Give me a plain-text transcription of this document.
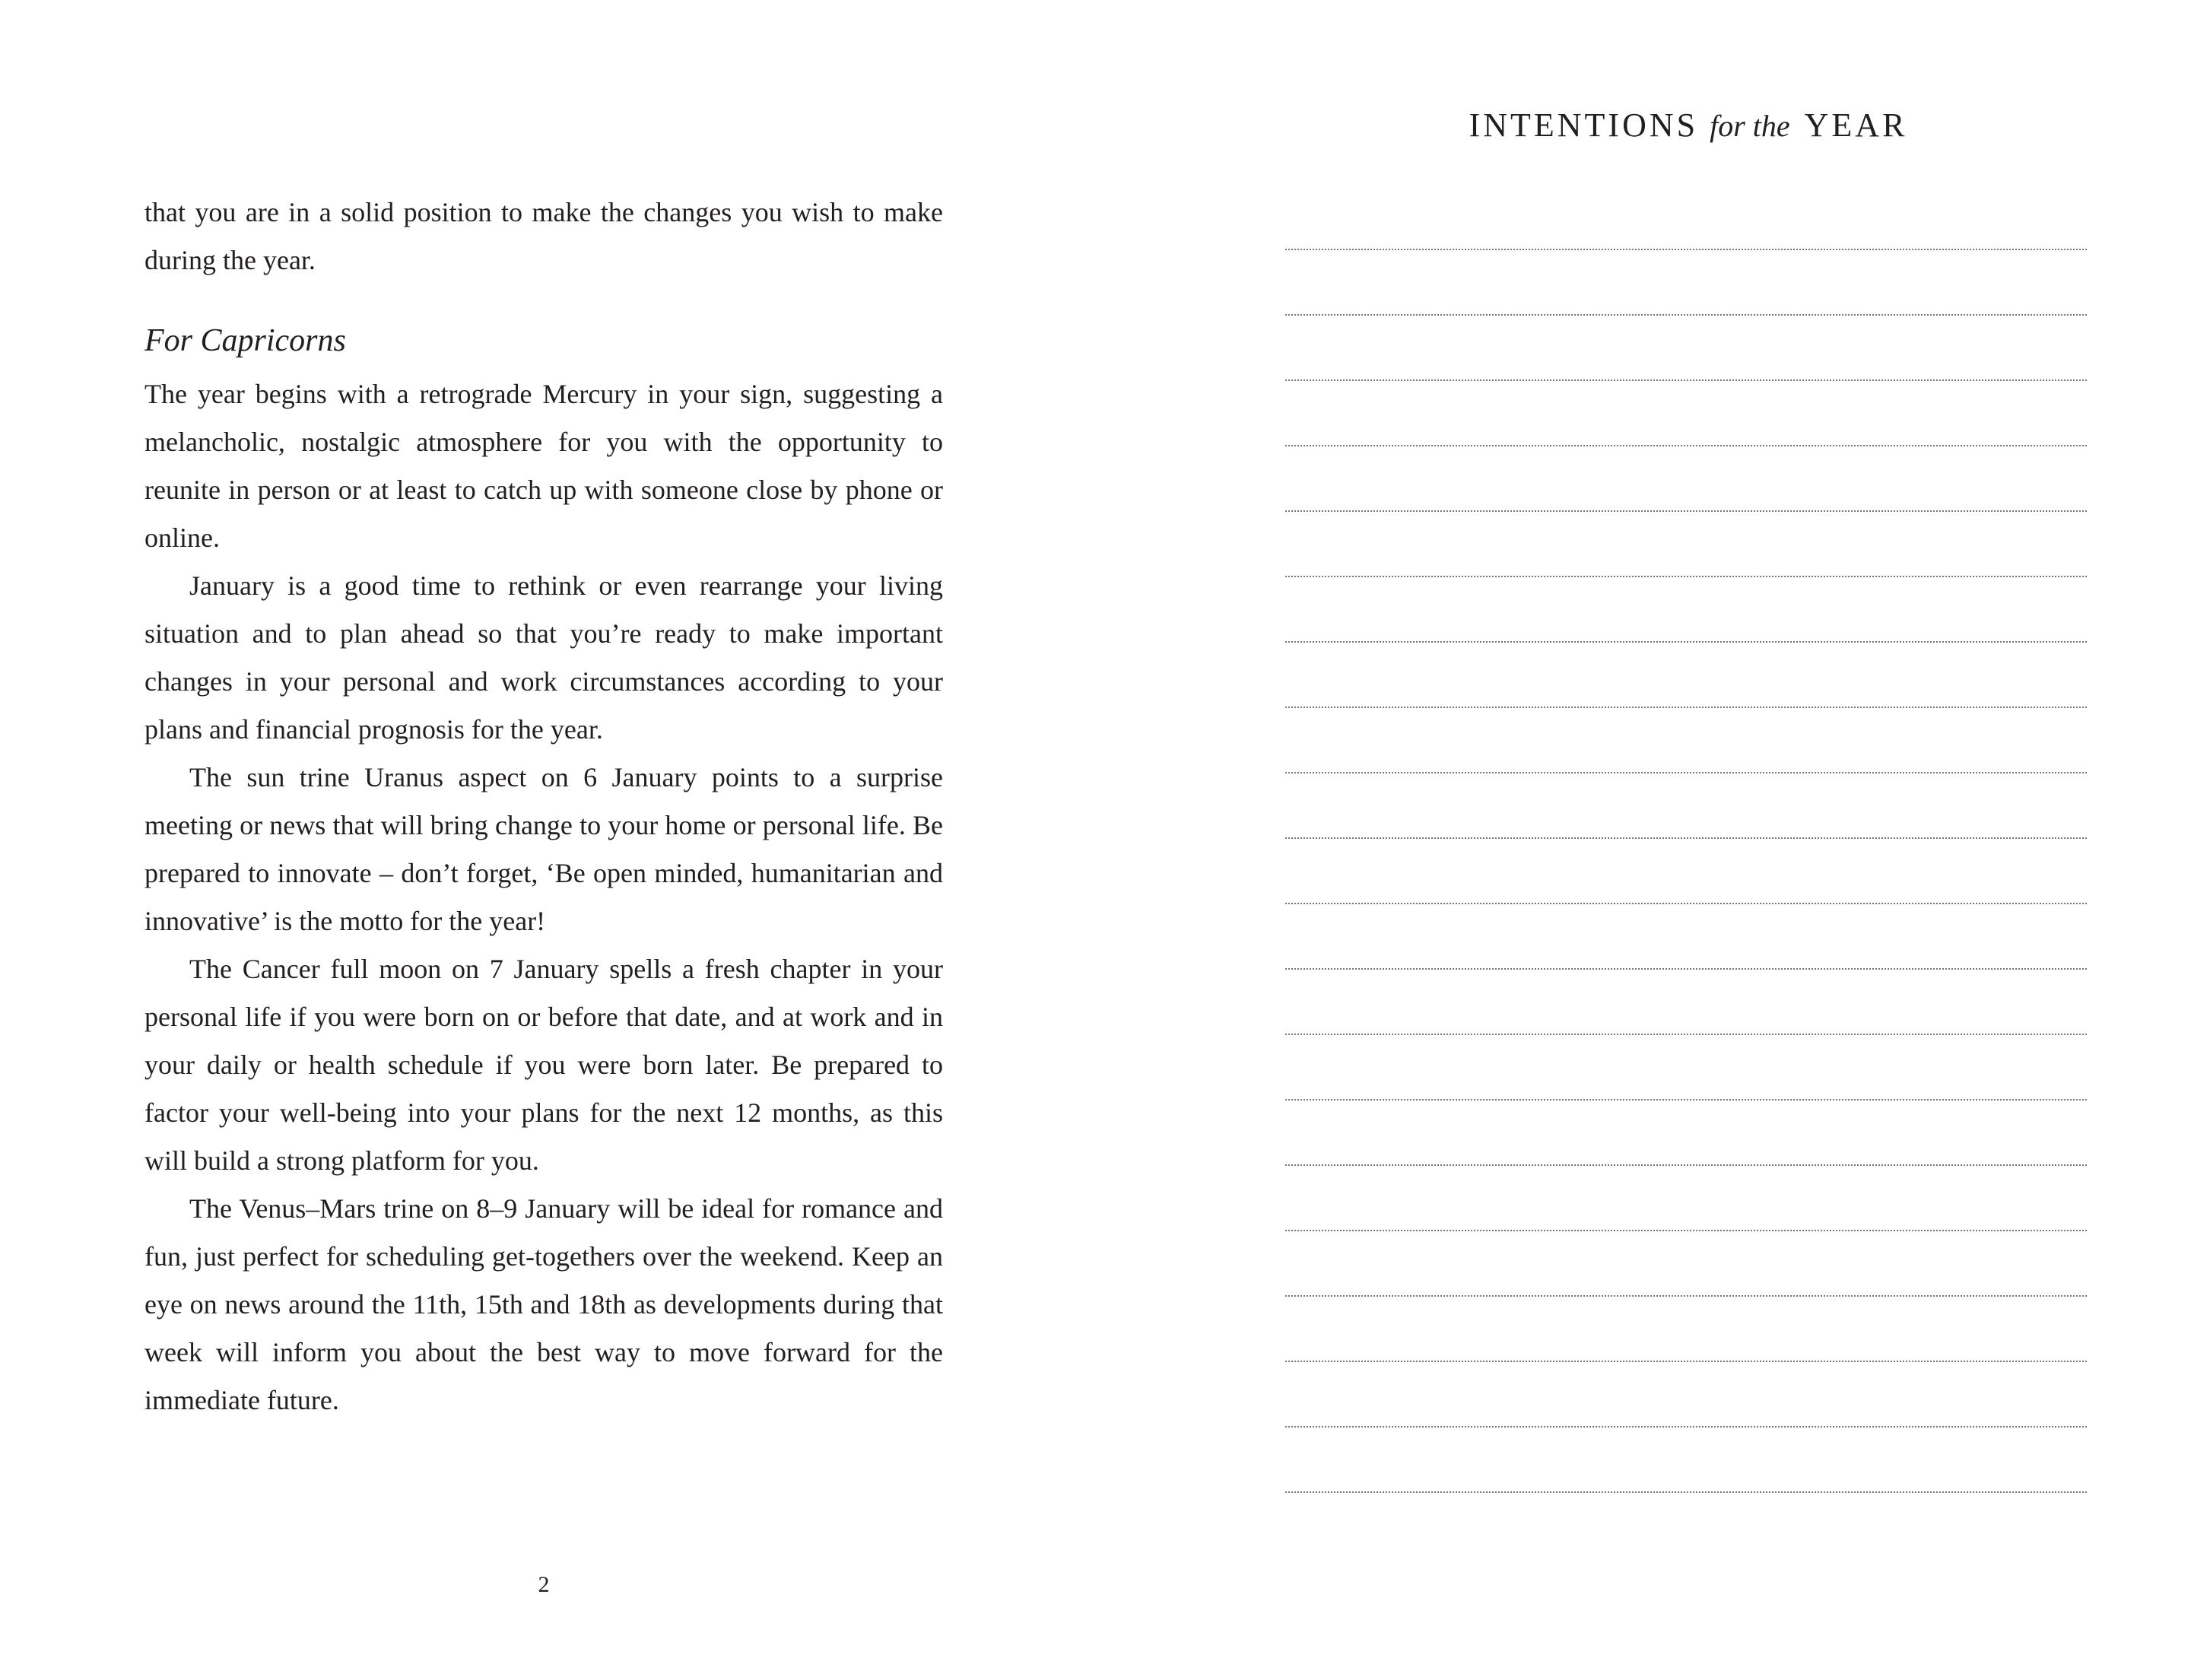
that you are in a solid position to make the changes you wish to make during the year.

For Capricorns

The year begins with a retrograde Mercury in your sign, suggesting a melancholic, nostalgic atmosphere for you with the opportunity to reunite in person or at least to catch up with someone close by phone or online.

January is a good time to rethink or even rearrange your living situation and to plan ahead so that you’re ready to make important changes in your personal and work circumstances according to your plans and financial prognosis for the year.

The sun trine Uranus aspect on 6 January points to a surprise meeting or news that will bring change to your home or personal life. Be prepared to innovate – don’t forget, ‘Be open minded, humanitarian and innovative’ is the motto for the year!

The Cancer full moon on 7 January spells a fresh chapter in your personal life if you were born on or before that date, and at work and in your daily or health schedule if you were born later. Be prepared to factor your well-being into your plans for the next 12 months, as this will build a strong platform for you.

The Venus–Mars trine on 8–9 January will be ideal for romance and fun, just perfect for scheduling get-togethers over the weekend. Keep an eye on news around the 11th, 15th and 18th as developments during that week will inform you about the best way to move forward for the immediate future.

2
INTENTIONS for the YEAR
